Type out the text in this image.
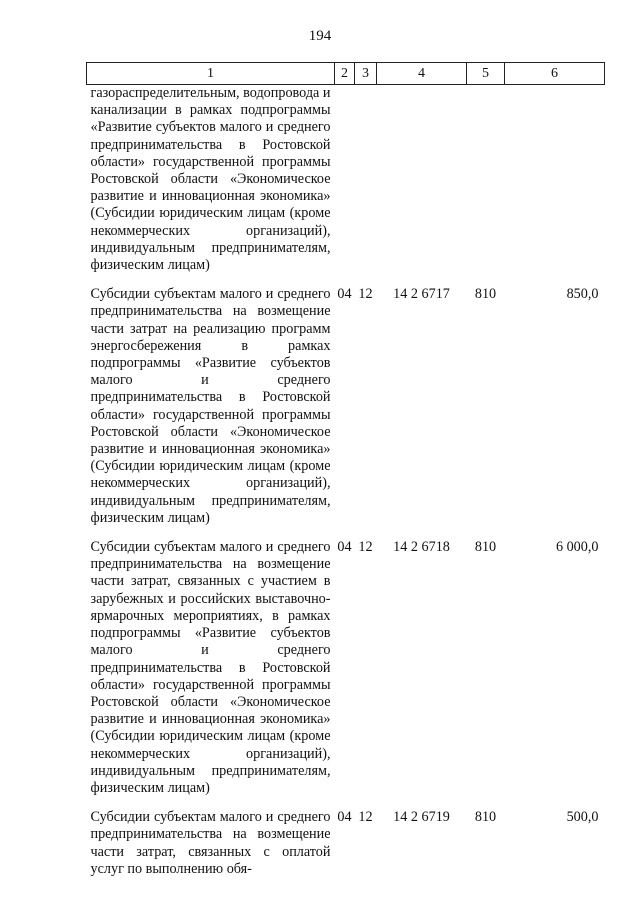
194
1	2	3	4	5	6
газораспределительным, водопровода и канализации в рамках подпрограммы «Развитие субъектов малого и среднего предпринимательства в Ростовской области» государственной программы Ростовской области «Экономическое развитие и инновационная экономика» (Субсидии юридическим лицам (кроме некоммерческих организаций), индивидуальным предпринимателям, физическим лицам)					
Субсидии субъектам малого и среднего предпринимательства на возмещение части затрат на реализацию программ энергосбережения в рамках подпрограммы «Развитие субъектов малого и среднего предпринимательства в Ростовской области» государственной программы Ростовской области «Экономическое развитие и инновационная экономика» (Субсидии юридическим лицам (кроме некоммерческих организаций), индивидуальным предпринимателям, физическим лицам)	04	12	14 2 6717	810	850,0
Субсидии субъектам малого и среднего предпринимательства на возмещение части затрат, связанных с участием в зарубежных и российских выставочно-ярмарочных мероприятиях, в рамках подпрограммы «Развитие субъектов малого и среднего предпринимательства в Ростовской области» государственной программы Ростовской области «Экономическое развитие и инновационная экономика» (Субсидии юридическим лицам (кроме некоммерческих организаций), индивидуальным предпринимателям, физическим лицам)	04	12	14 2 6718	810	6 000,0
Субсидии субъектам малого и среднего предпринимательства на возмещение части затрат, связанных с оплатой услуг по выполнению обя-	04	12	14 2 6719	810	500,0
